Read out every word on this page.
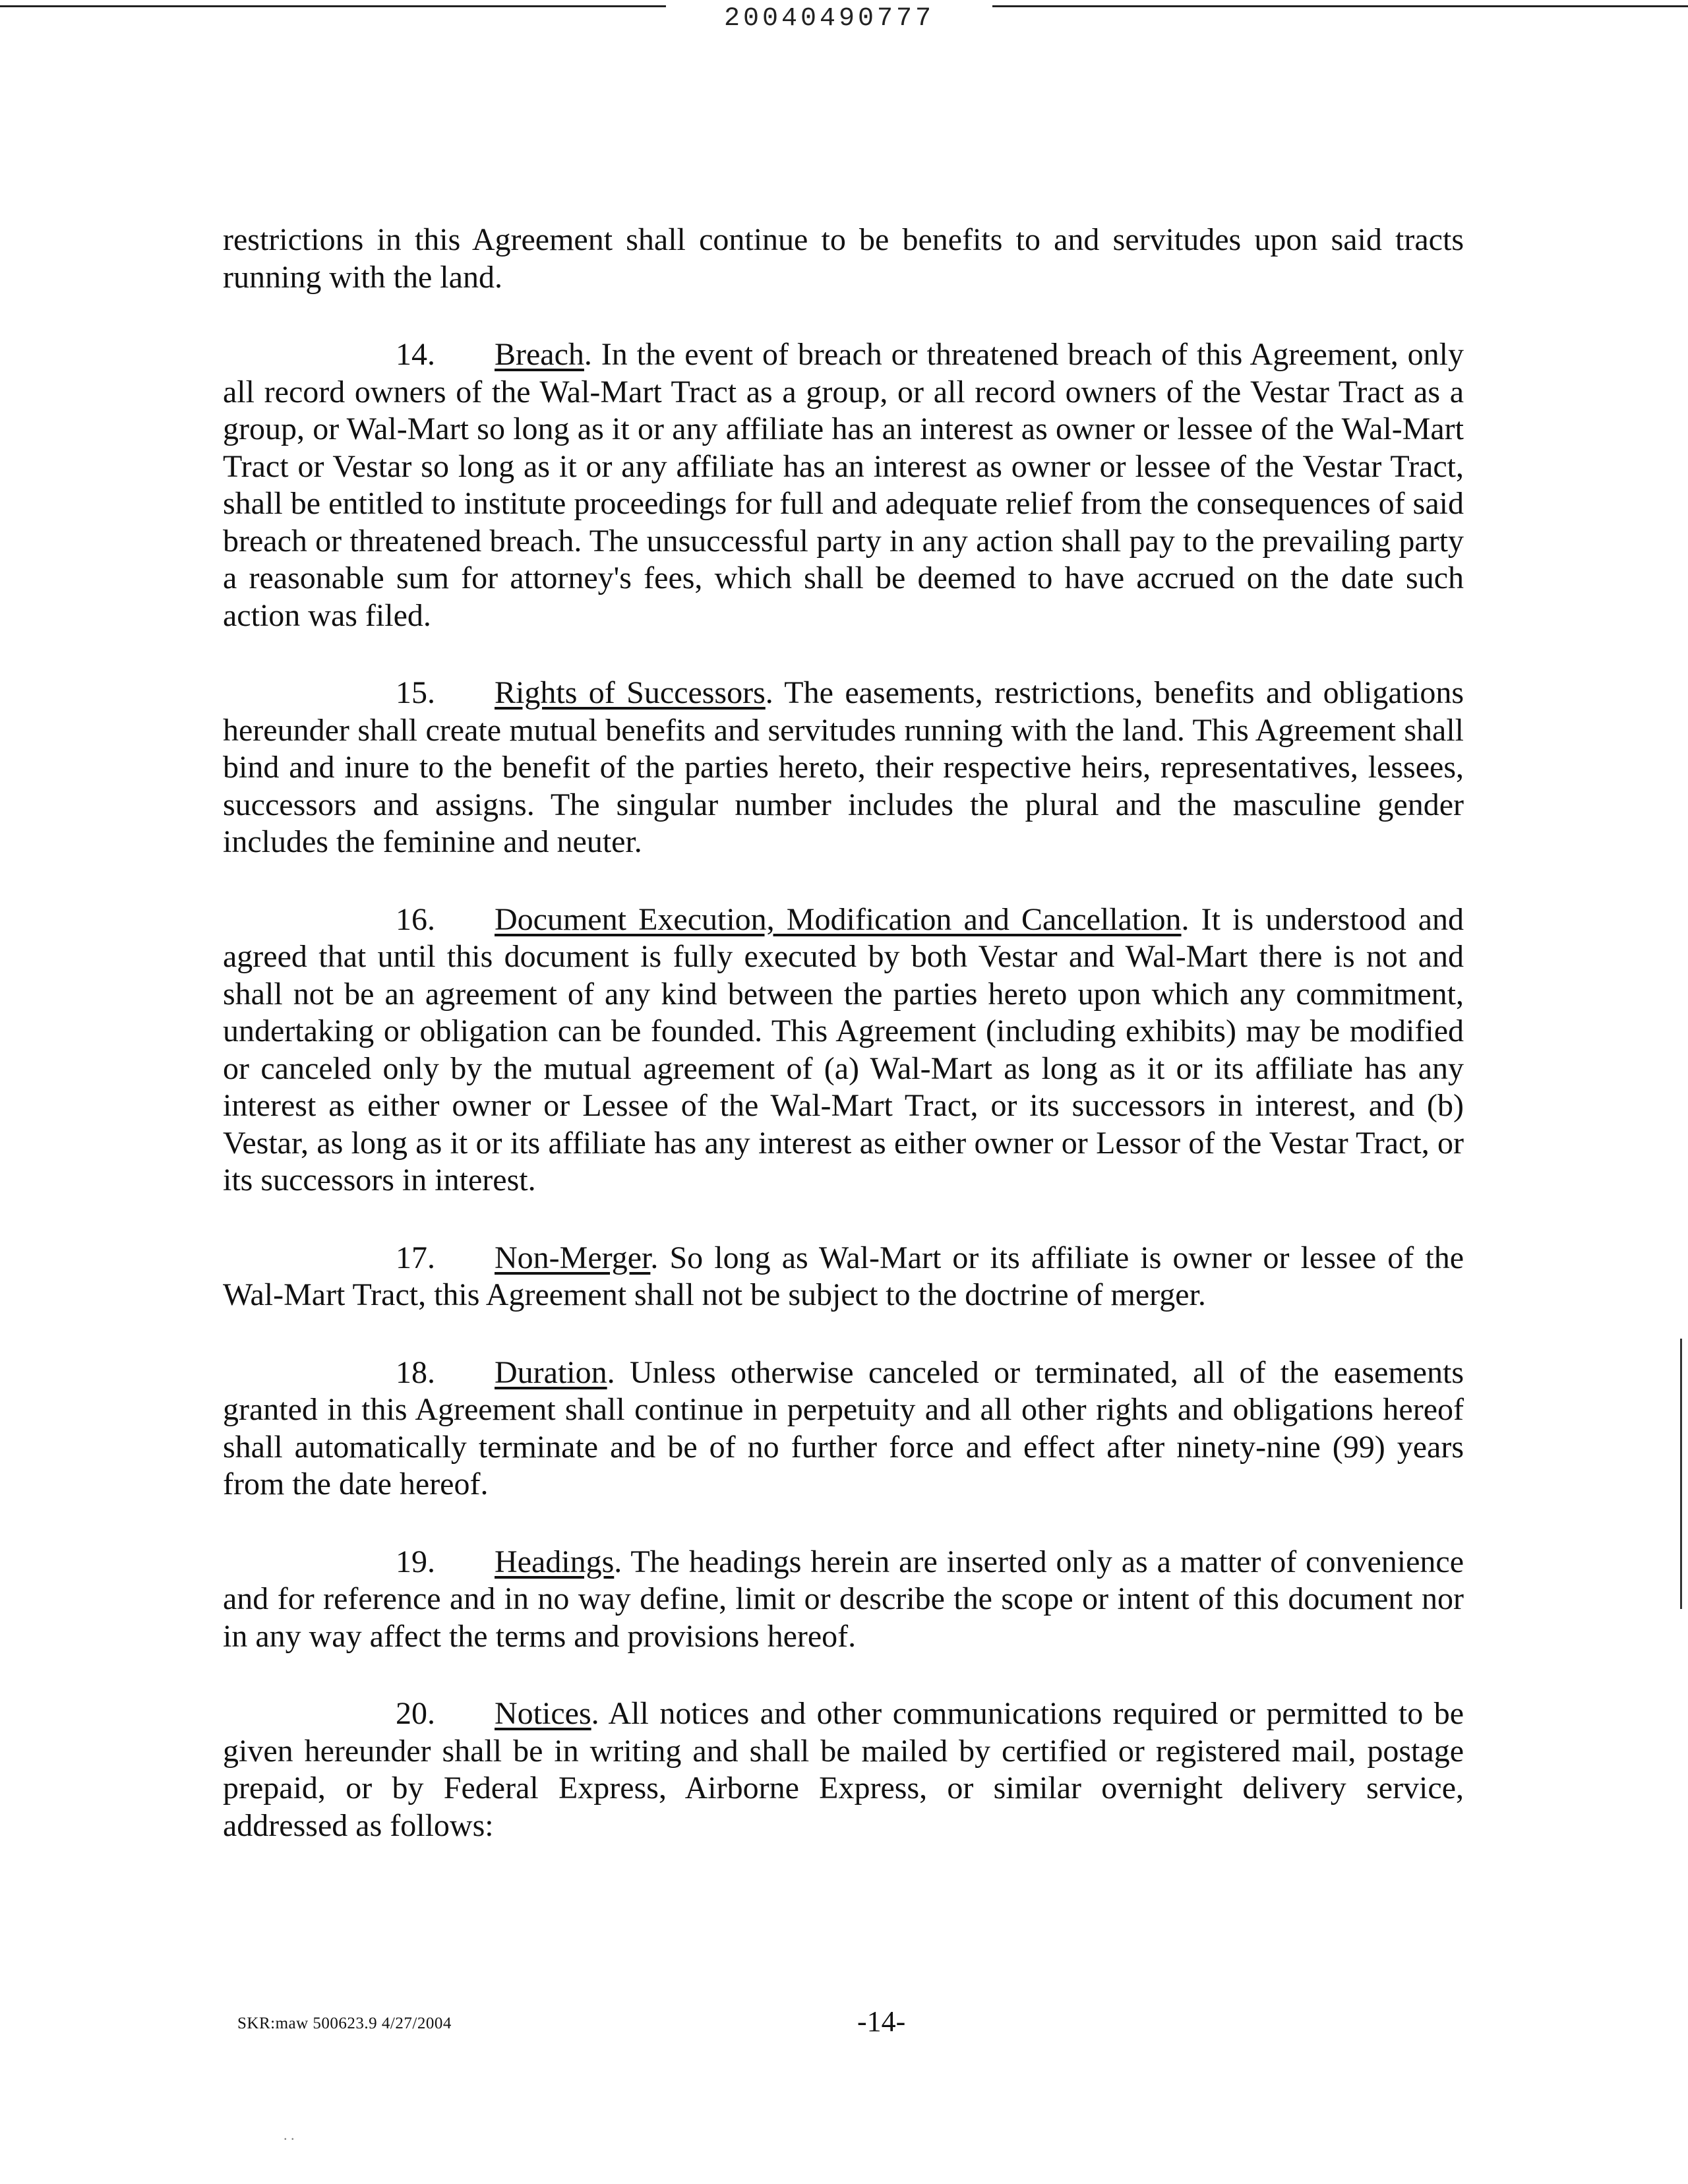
20040490777

restrictions in this Agreement shall continue to be benefits to and servitudes upon said tracts running with the land.

14. Breach. In the event of breach or threatened breach of this Agreement, only all record owners of the Wal-Mart Tract as a group, or all record owners of the Vestar Tract as a group, or Wal-Mart so long as it or any affiliate has an interest as owner or lessee of the Wal-Mart Tract or Vestar so long as it or any affiliate has an interest as owner or lessee of the Vestar Tract, shall be entitled to institute proceedings for full and adequate relief from the consequences of said breach or threatened breach. The unsuccessful party in any action shall pay to the prevailing party a reasonable sum for attorney's fees, which shall be deemed to have accrued on the date such action was filed.

15. Rights of Successors. The easements, restrictions, benefits and obligations hereunder shall create mutual benefits and servitudes running with the land. This Agreement shall bind and inure to the benefit of the parties hereto, their respective heirs, representatives, lessees, successors and assigns. The singular number includes the plural and the masculine gender includes the feminine and neuter.

16. Document Execution, Modification and Cancellation. It is understood and agreed that until this document is fully executed by both Vestar and Wal-Mart there is not and shall not be an agreement of any kind between the parties hereto upon which any commitment, undertaking or obligation can be founded. This Agreement (including exhibits) may be modified or canceled only by the mutual agreement of (a) Wal-Mart as long as it or its affiliate has any interest as either owner or Lessee of the Wal-Mart Tract, or its successors in interest, and (b) Vestar, as long as it or its affiliate has any interest as either owner or Lessor of the Vestar Tract, or its successors in interest.

17. Non-Merger. So long as Wal-Mart or its affiliate is owner or lessee of the Wal-Mart Tract, this Agreement shall not be subject to the doctrine of merger.

18. Duration. Unless otherwise canceled or terminated, all of the easements granted in this Agreement shall continue in perpetuity and all other rights and obligations hereof shall automatically terminate and be of no further force and effect after ninety-nine (99) years from the date hereof.

19. Headings. The headings herein are inserted only as a matter of convenience and for reference and in no way define, limit or describe the scope or intent of this document nor in any way affect the terms and provisions hereof.

20. Notices. All notices and other communications required or permitted to be given hereunder shall be in writing and shall be mailed by certified or registered mail, postage prepaid, or by Federal Express, Airborne Express, or similar overnight delivery service, addressed as follows:

SKR:maw 500623.9 4/27/2004	-14-
. .
